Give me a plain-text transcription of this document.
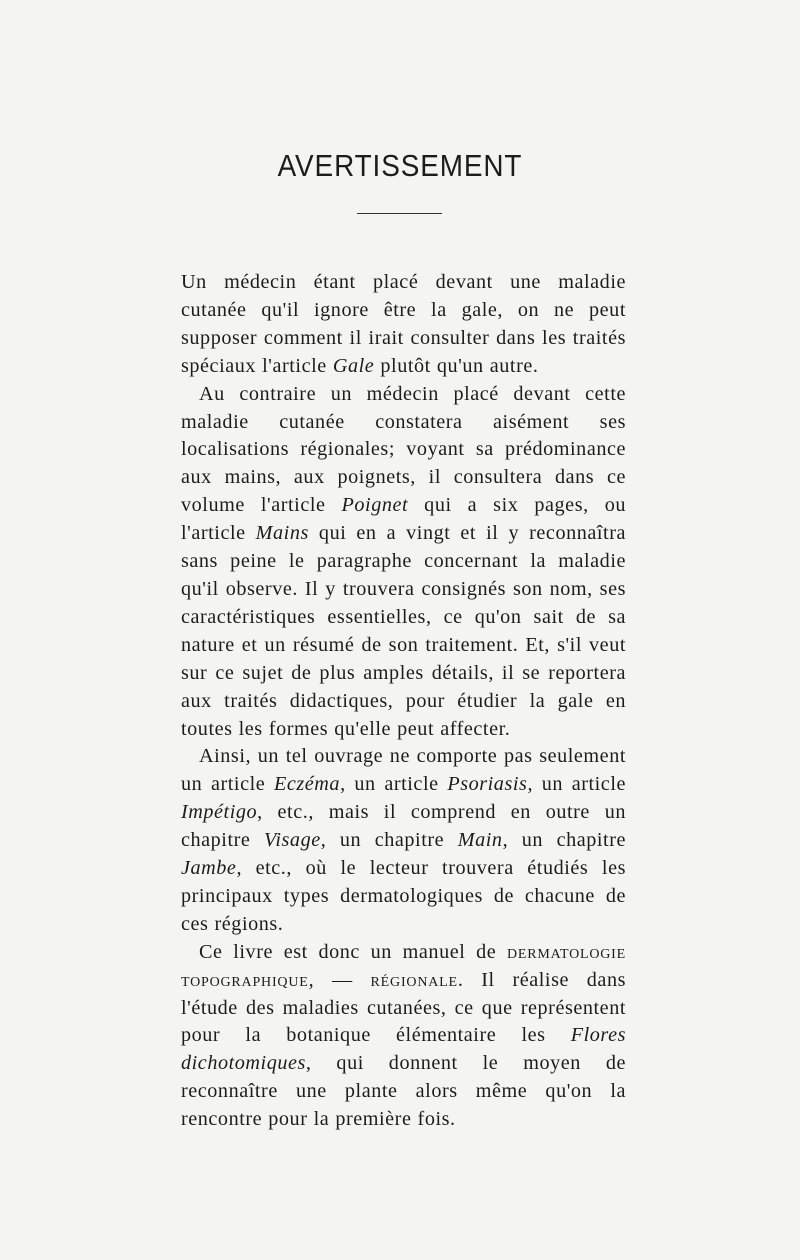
AVERTISSEMENT

Un médecin étant placé devant une maladie cutanée qu'il ignore être la gale, on ne peut supposer comment il irait consulter dans les traités spéciaux l'article Gale plutôt qu'un autre.

Au contraire un médecin placé devant cette maladie cutanée constatera aisément ses localisations régionales; voyant sa prédominance aux mains, aux poignets, il consultera dans ce volume l'article Poignet qui a six pages, ou l'article Mains qui en a vingt et il y reconnaîtra sans peine le paragraphe concernant la maladie qu'il observe. Il y trouvera consignés son nom, ses caractéristiques essentielles, ce qu'on sait de sa nature et un résumé de son traitement. Et, s'il veut sur ce sujet de plus amples détails, il se reportera aux traités didactiques, pour étudier la gale en toutes les formes qu'elle peut affecter.

Ainsi, un tel ouvrage ne comporte pas seulement un article Eczéma, un article Psoriasis, un article Impétigo, etc., mais il comprend en outre un chapitre Visage, un chapitre Main, un chapitre Jambe, etc., où le lecteur trouvera étudiés les principaux types dermatologiques de chacune de ces régions.

Ce livre est donc un manuel de dermatologie topographique, — régionale. Il réalise dans l'étude des maladies cutanées, ce que représentent pour la botanique élémentaire les Flores dichotomiques, qui donnent le moyen de reconnaître une plante alors même qu'on la rencontre pour la première fois.
